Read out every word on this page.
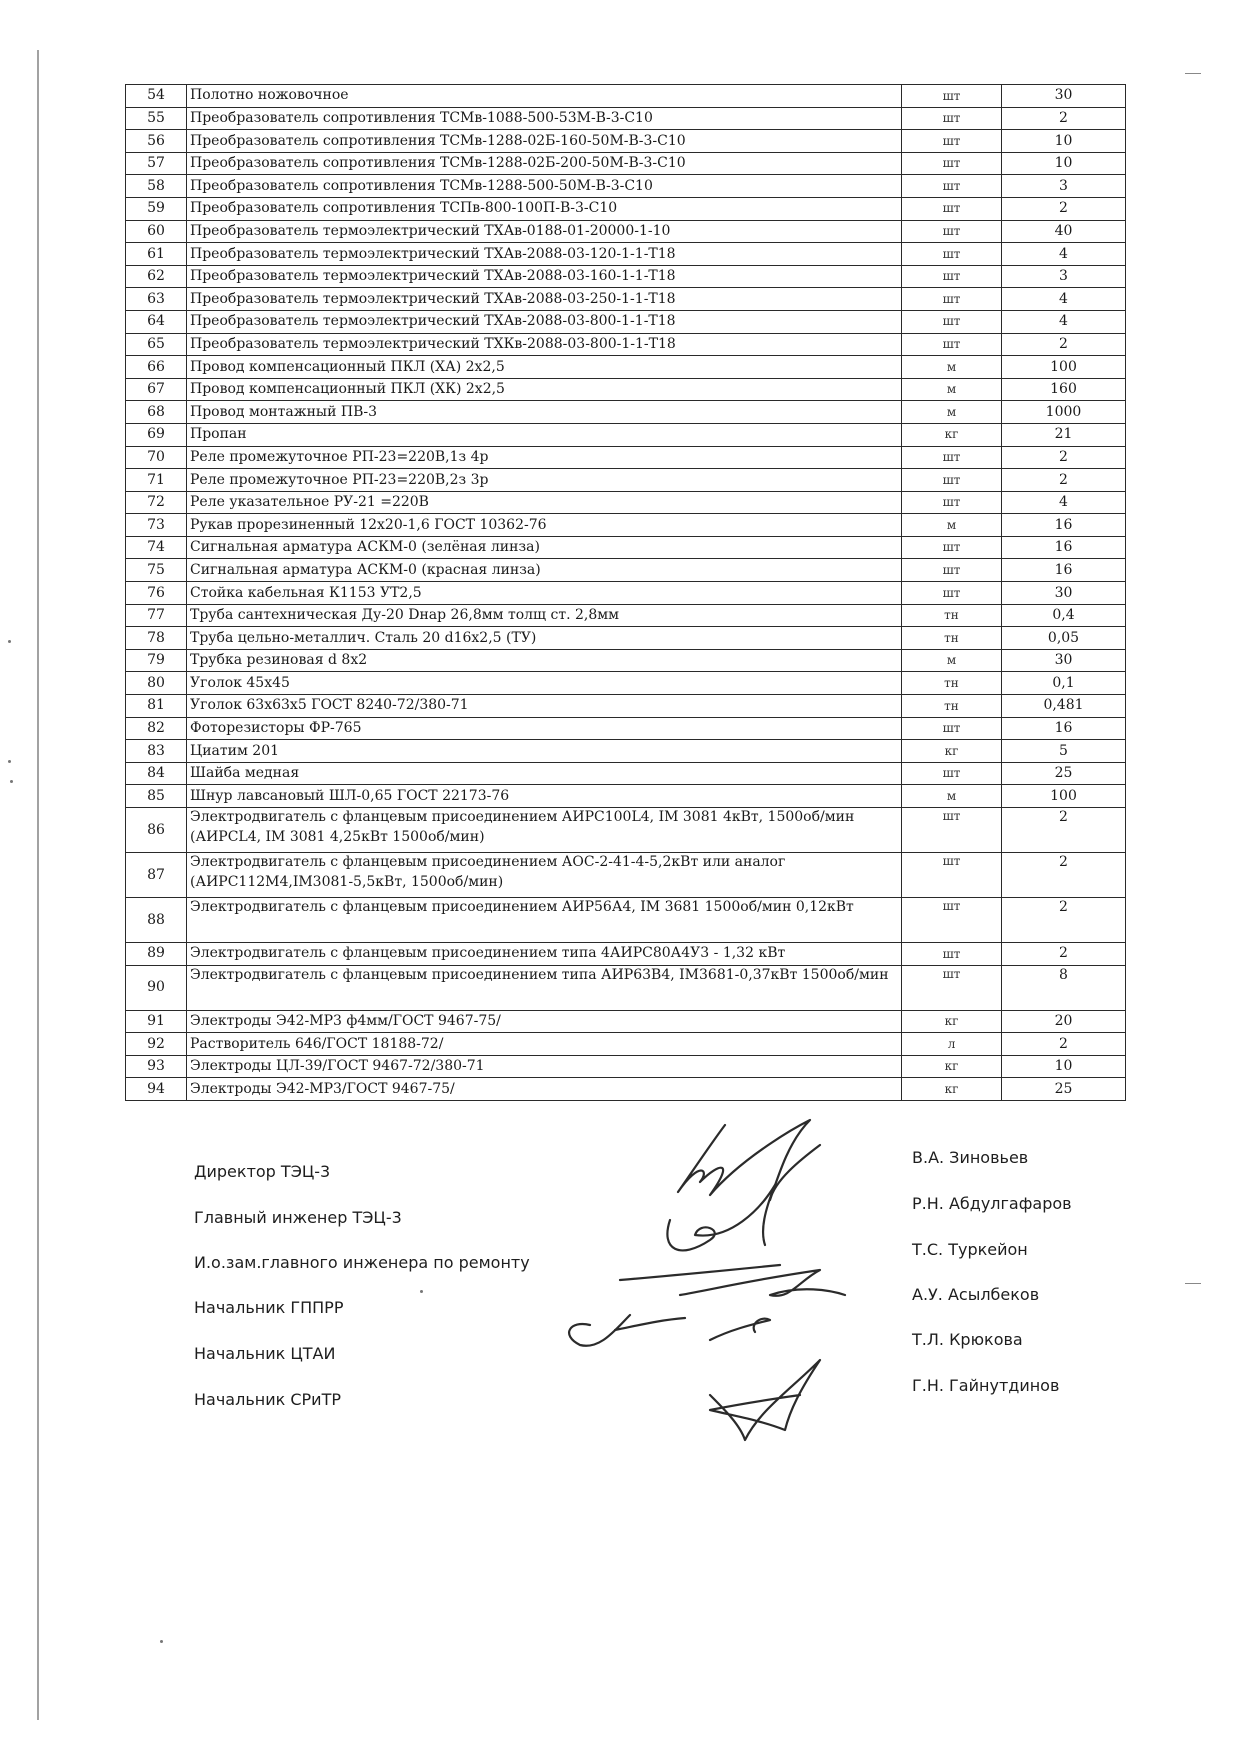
54	Полотно ножовочное	шт	30
55	Преобразователь сопротивления ТСМв-1088-500-53М-В-3-С10	шт	2
56	Преобразователь сопротивления ТСМв-1288-02Б-160-50М-В-3-С10	шт	10
57	Преобразователь сопротивления ТСМв-1288-02Б-200-50М-В-3-С10	шт	10
58	Преобразователь сопротивления ТСМв-1288-500-50М-В-3-С10	шт	3
59	Преобразователь сопротивления ТСПв-800-100П-В-3-С10	шт	2
60	Преобразователь термоэлектрический ТХАв-0188-01-20000-1-10	шт	40
61	Преобразователь термоэлектрический ТХАв-2088-03-120-1-1-Т18	шт	4
62	Преобразователь термоэлектрический ТХАв-2088-03-160-1-1-Т18	шт	3
63	Преобразователь термоэлектрический ТХАв-2088-03-250-1-1-Т18	шт	4
64	Преобразователь термоэлектрический ТХАв-2088-03-800-1-1-Т18	шт	4
65	Преобразователь термоэлектрический ТХКв-2088-03-800-1-1-Т18	шт	2
66	Провод компенсационный ПКЛ (ХА) 2х2,5	м	100
67	Провод компенсационный ПКЛ (ХК) 2х2,5	м	160
68	Провод монтажный ПВ-3	м	1000
69	Пропан	кг	21
70	Реле промежуточное РП-23=220В,1з 4р	шт	2
71	Реле промежуточное РП-23=220В,2з 3р	шт	2
72	Реле указательное РУ-21 =220В	шт	4
73	Рукав прорезиненный 12х20-1,6 ГОСТ 10362-76	м	16
74	Сигнальная арматура АСКМ-0 (зелёная линза)	шт	16
75	Сигнальная арматура АСКМ-0 (красная линза)	шт	16
76	Стойка кабельная К1153 УТ2,5	шт	30
77	Труба сантехническая Ду-20 Dнар 26,8мм толщ ст. 2,8мм	тн	0,4
78	Труба цельно-металлич. Сталь 20 d16х2,5 (ТУ)	тн	0,05
79	Трубка резиновая d 8х2	м	30
80	Уголок 45х45	тн	0,1
81	Уголок 63х63х5 ГОСТ 8240-72/380-71	тн	0,481
82	Фоторезисторы ФР-765	шт	16
83	Циатим 201	кг	5
84	Шайба медная	шт	25
85	Шнур лавсановый ШЛ-0,65 ГОСТ 22173-76	м	100
86	Электродвигатель с фланцевым присоединением АИРС100L4, IM 3081 4кВт, 1500об/мин (АИРСL4, IM 3081 4,25кВт 1500об/мин)	шт	2
87	Электродвигатель с фланцевым присоединением АОС-2-41-4-5,2кВт или аналог (АИРС112М4,IM3081-5,5кВт, 1500об/мин)	шт	2
88	Электродвигатель с фланцевым присоединением АИР56А4, IM 3681 1500об/мин 0,12кВт	шт	2
89	Электродвигатель с фланцевым присоединением типа 4АИРС80А4У3 - 1,32 кВт	шт	2
90	Электродвигатель с фланцевым присоединением типа АИР63В4, IM3681-0,37кВт 1500об/мин	шт	8
91	Электроды Э42-МР3 ф4мм/ГОСТ 9467-75/	кг	20
92	Растворитель 646/ГОСТ 18188-72/	л	2
93	Электроды ЦЛ-39/ГОСТ 9467-72/380-71	кг	10
94	Электроды Э42-МР3/ГОСТ 9467-75/	кг	25
Директор ТЭЦ-3
Главный инженер ТЭЦ-3
И.о.зам.главного инженера по ремонту
Начальник ГППРР
Начальник ЦТАИ
Начальник СРиТР
В.А. Зиновьев
Р.Н. Абдулгафаров
Т.С. Туркейон
А.У. Асылбеков
Т.Л. Крюкова
Г.Н. Гайнутдинов
